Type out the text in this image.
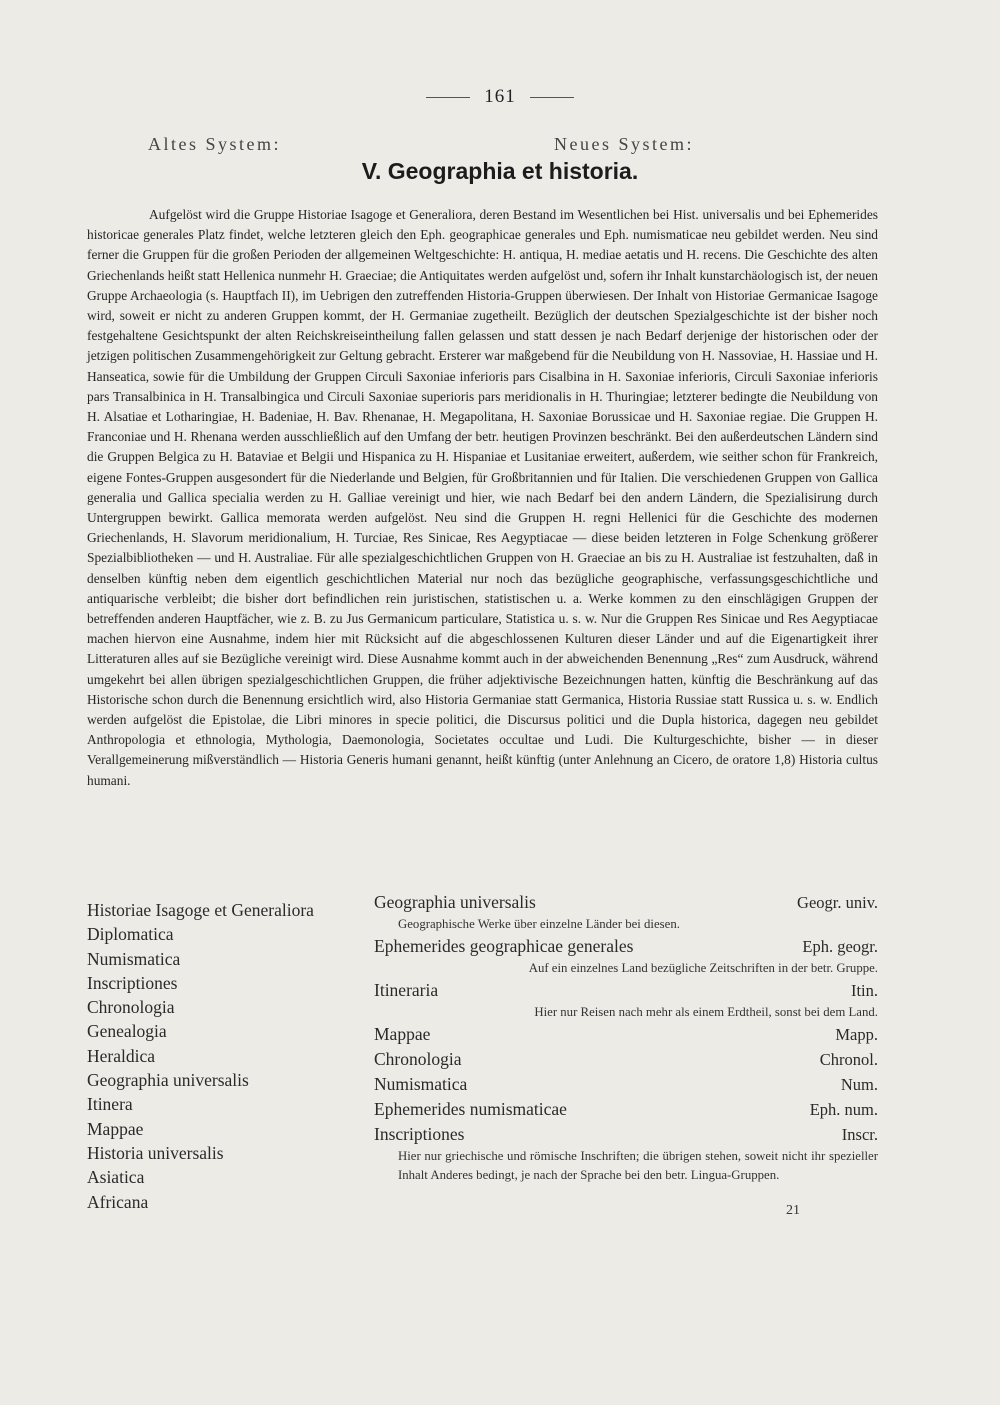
161
Altes System:	Neues System:
V. Geographia et historia.

Aufgelöst wird die Gruppe Historiae Isagoge et Generaliora, deren Bestand im Wesentlichen bei Hist. universalis und bei Ephemerides historicae generales Platz findet, welche letzteren gleich den Eph. geographicae generales und Eph. numismaticae neu gebildet werden. Neu sind ferner die Gruppen für die großen Perioden der allgemeinen Weltgeschichte: H. antiqua, H. mediae aetatis und H. recens. Die Geschichte des alten Griechenlands heißt statt Hellenica nunmehr H. Graeciae; die Antiquitates werden aufgelöst und, sofern ihr Inhalt kunstarchäologisch ist, der neuen Gruppe Archaeologia (s. Hauptfach II), im Uebrigen den zutreffenden Historia-Gruppen überwiesen. Der Inhalt von Historiae Germanicae Isagoge wird, soweit er nicht zu anderen Gruppen kommt, der H. Germaniae zugetheilt. Bezüglich der deutschen Spezialgeschichte ist der bisher noch festgehaltene Gesichtspunkt der alten Reichskreiseintheilung fallen gelassen und statt dessen je nach Bedarf derjenige der historischen oder der jetzigen politischen Zusammengehörigkeit zur Geltung gebracht. Ersterer war maßgebend für die Neubildung von H. Nassoviae, H. Hassiae und H. Hanseatica, sowie für die Umbildung der Gruppen Circuli Saxoniae inferioris pars Cisalbina in H. Saxoniae inferioris, Circuli Saxoniae inferioris pars Transalbinica in H. Transalbingica und Circuli Saxoniae superioris pars meridionalis in H. Thuringiae; letzterer bedingte die Neubildung von H. Alsatiae et Lotharingiae, H. Badeniae, H. Bav. Rhenanae, H. Megapolitana, H. Saxoniae Borussicae und H. Saxoniae regiae. Die Gruppen H. Franconiae und H. Rhenana werden ausschließlich auf den Umfang der betr. heutigen Provinzen beschränkt. Bei den außerdeutschen Ländern sind die Gruppen Belgica zu H. Bataviae et Belgii und Hispanica zu H. Hispaniae et Lusitaniae erweitert, außerdem, wie seither schon für Frankreich, eigene Fontes-Gruppen ausgesondert für die Niederlande und Belgien, für Großbritannien und für Italien. Die verschiedenen Gruppen von Gallica generalia und Gallica specialia werden zu H. Galliae vereinigt und hier, wie nach Bedarf bei den andern Ländern, die Spezialisirung durch Untergruppen bewirkt. Gallica memorata werden aufgelöst. Neu sind die Gruppen H. regni Hellenici für die Geschichte des modernen Griechenlands, H. Slavorum meridionalium, H. Turciae, Res Sinicae, Res Aegyptiacae — diese beiden letzteren in Folge Schenkung größerer Spezialbibliotheken — und H. Australiae. Für alle spezialgeschichtlichen Gruppen von H. Graeciae an bis zu H. Australiae ist festzuhalten, daß in denselben künftig neben dem eigentlich geschichtlichen Material nur noch das bezügliche geographische, verfassungsgeschichtliche und antiquarische verbleibt; die bisher dort befindlichen rein juristischen, statistischen u. a. Werke kommen zu den einschlägigen Gruppen der betreffenden anderen Hauptfächer, wie z. B. zu Jus Germanicum particulare, Statistica u. s. w. Nur die Gruppen Res Sinicae und Res Aegyptiacae machen hiervon eine Ausnahme, indem hier mit Rücksicht auf die abgeschlossenen Kulturen dieser Länder und auf die Eigenartigkeit ihrer Litteraturen alles auf sie Bezügliche vereinigt wird. Diese Ausnahme kommt auch in der abweichenden Benennung „Res“ zum Ausdruck, während umgekehrt bei allen übrigen spezialgeschichtlichen Gruppen, die früher adjektivische Bezeichnungen hatten, künftig die Beschränkung auf das Historische schon durch die Benennung ersichtlich wird, also Historia Germaniae statt Germanica, Historia Russiae statt Russica u. s. w. Endlich werden aufgelöst die Epistolae, die Libri minores in specie politici, die Discursus politici und die Dupla historica, dagegen neu gebildet Anthropologia et ethnologia, Mythologia, Daemonologia, Societates occultae und Ludi. Die Kulturgeschichte, bisher — in dieser Verallgemeinerung mißverständlich — Historia Generis humani genannt, heißt künftig (unter Anlehnung an Cicero, de oratore 1,8) Historia cultus humani.

Historiae Isagoge et Generaliora
Diplomatica
Numismatica
Inscriptiones
Chronologia
Genealogia
Heraldica
Geographia universalis
Itinera
Mappae
Historia universalis
Asiatica
Africana
Geographia universalis	Geogr. univ.
Geographische Werke über einzelne Länder bei diesen.
Ephemerides geographicae generales	Eph. geogr.
Auf ein einzelnes Land bezügliche Zeitschriften in der betr. Gruppe.
Itineraria	Itin.
Hier nur Reisen nach mehr als einem Erdtheil, sonst bei dem Land.
Mappae	Mapp.
Chronologia	Chronol.
Numismatica	Num.
Ephemerides numismaticae	Eph. num.
Inscriptiones	Inscr.
Hier nur griechische und römische Inschriften; die übrigen stehen, soweit nicht ihr spezieller Inhalt Anderes bedingt, je nach der Sprache bei den betr. Lingua-Gruppen.
21
